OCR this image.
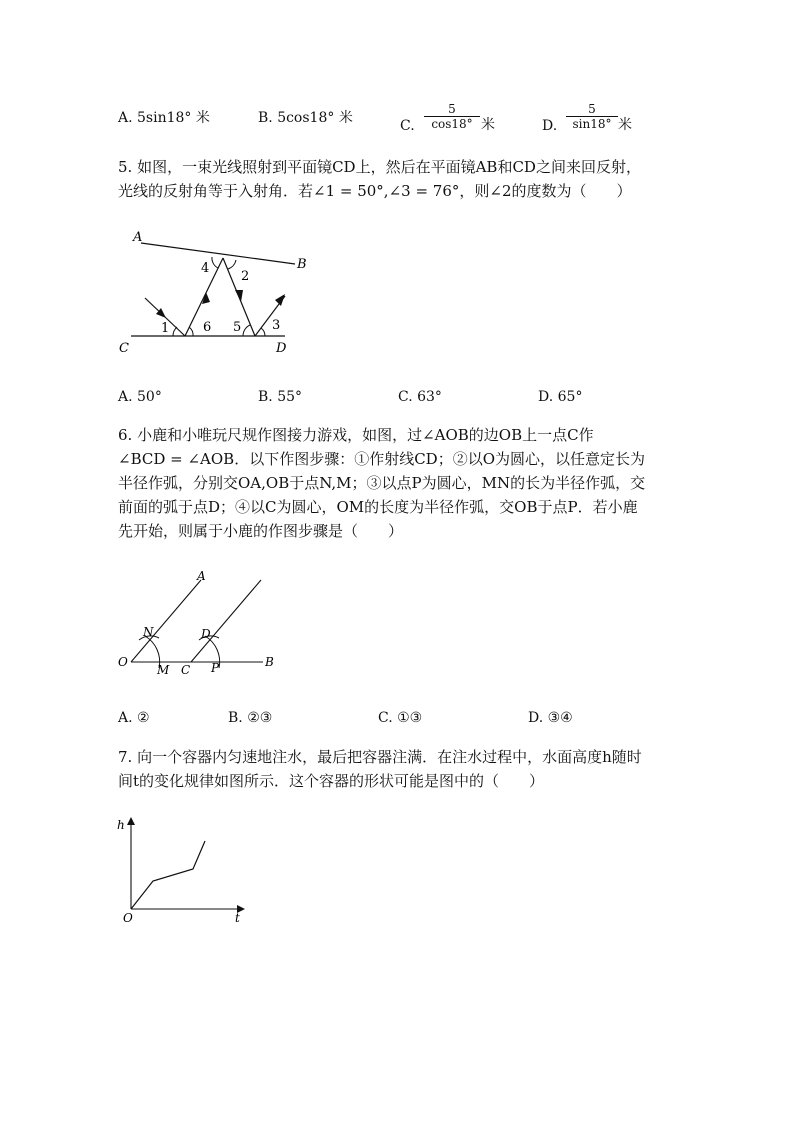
A. 5sin18° 米	B. 5cos18° 米	C. $\frac{5}{\cos 18^\circ}$ 米	D. $\frac{5}{\sin 18^\circ}$ 米
5. 如图，一束光线照射到平面镜CD上，然后在平面镜AB和CD之间来回反射，
光线的反射角等于入射角．若∠1 = 50°,∠3 = 76°，则∠2的度数为（　　）
A
B
C	D
1	6 5 3
4
2
A. 50°	B. 55°	C. 63°	D. 65°
6. 小鹿和小唯玩尺规作图接力游戏，如图，过∠AOB的边OB上一点C作
∠BCD = ∠AOB．以下作图步骤：①作射线CD；②以O为圆心，以任意定长为
半径作弧，分别交OA,OB于点N,M；③以点P为圆心，MN的长为半径作弧，交
前面的弧于点D；④以C为圆心，OM的长度为半径作弧，交OB于点P．若小鹿
先开始，则属于小鹿的作图步骤是（　　）
A
N	D
O
M C P	B
A. ②	B. ②③	C. ①③	D. ③④
7. 向一个容器内匀速地注水，最后把容器注满．在注水过程中，水面高度h随时
间t的变化规律如图所示．这个容器的形状可能是图中的（　　）
h
O	t
